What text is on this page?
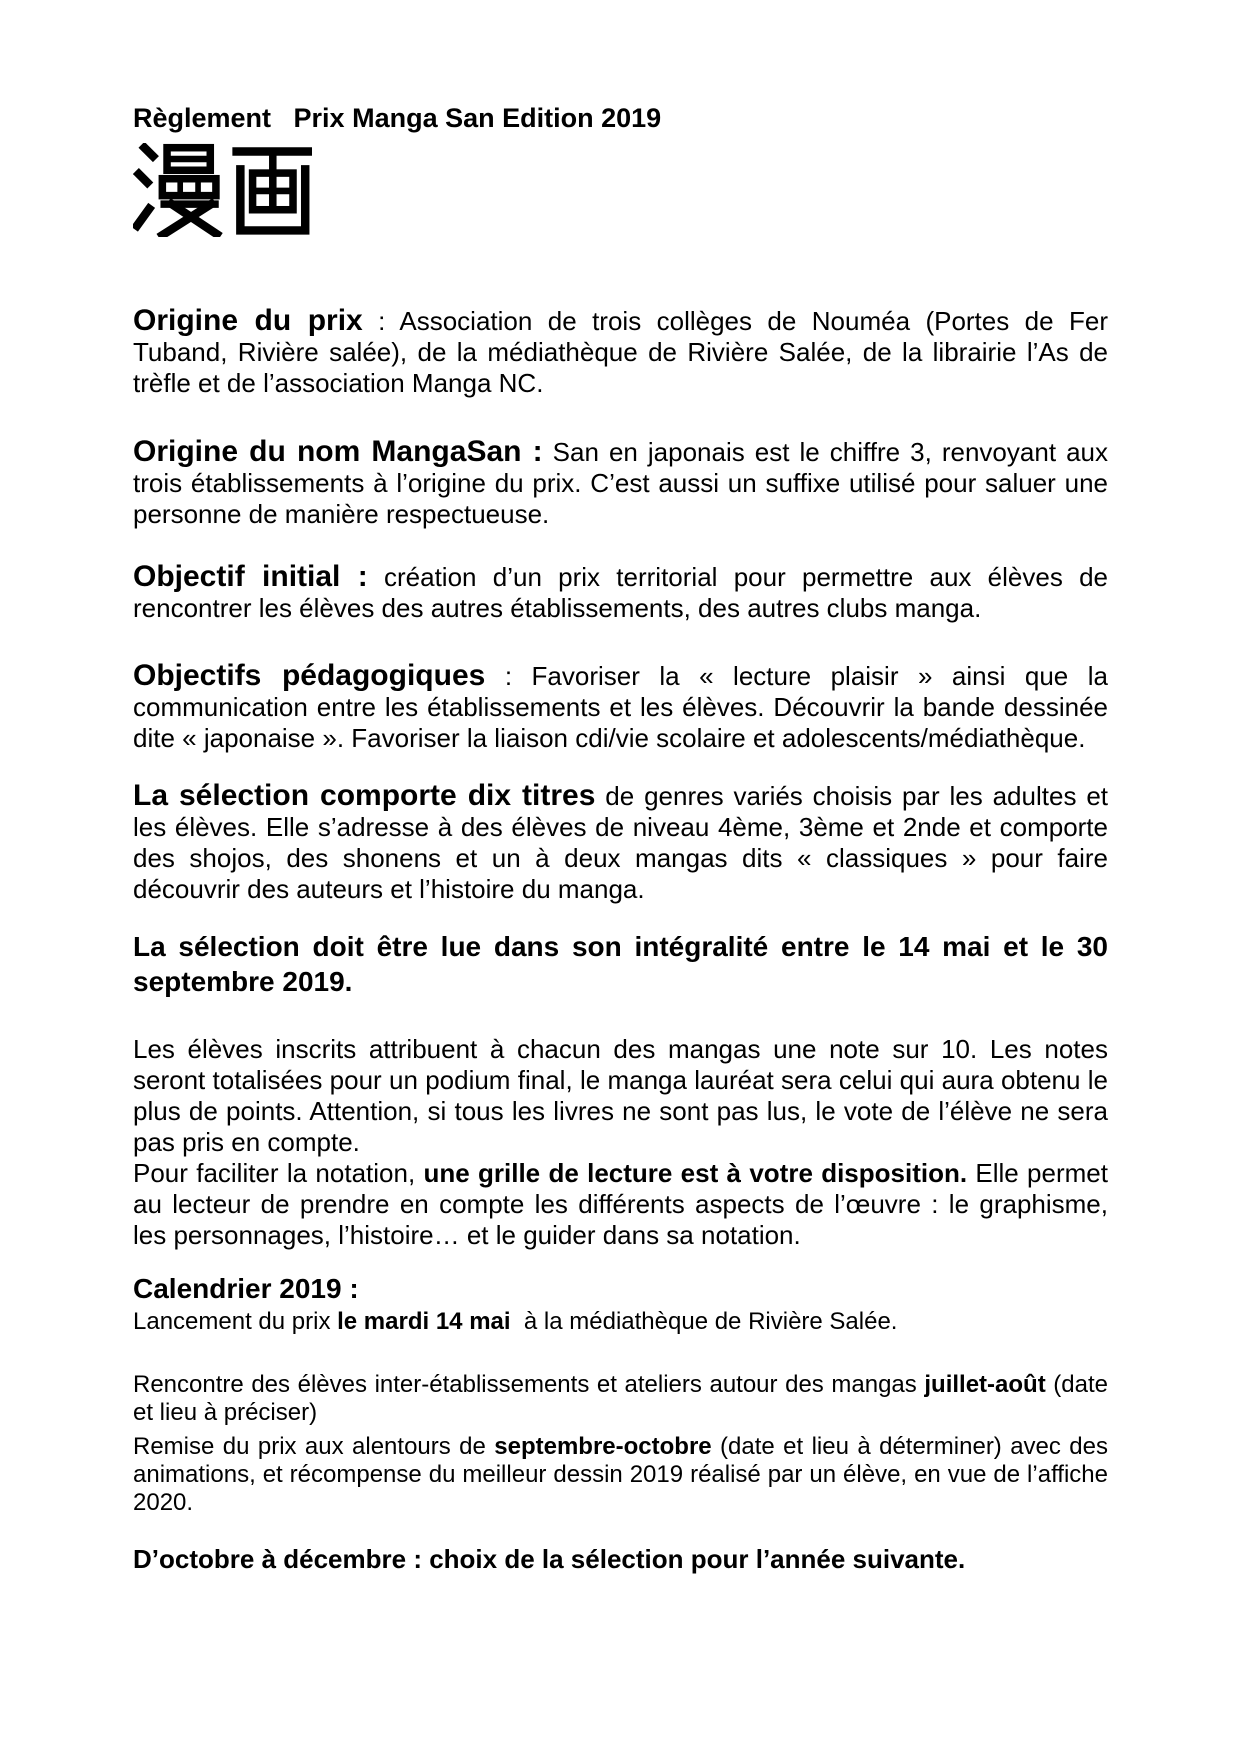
Règlement   Prix Manga San Edition 2019

Origine du prix : Association de trois collèges de Nouméa (Portes de Fer Tuband, Rivière salée), de la médiathèque de Rivière Salée, de la librairie l’As de trèfle et de l’association Manga NC.

Origine du nom MangaSan : San en japonais est le chiffre 3, renvoyant aux trois établissements à l’origine du prix. C’est aussi un suffixe utilisé pour saluer une personne de manière respectueuse.

Objectif initial : création d’un prix territorial pour permettre aux élèves de rencontrer les élèves des autres établissements, des autres clubs manga.

Objectifs pédagogiques : Favoriser la « lecture plaisir » ainsi que la communication entre les établissements et les élèves. Découvrir la bande dessinée dite « japonaise ». Favoriser la liaison cdi/vie scolaire et adolescents/médiathèque.

La sélection comporte dix titres de genres variés choisis par les adultes et les élèves. Elle s’adresse à des élèves de niveau 4ème, 3ème et 2nde et comporte des shojos, des shonens et un à deux mangas dits « classiques » pour faire découvrir des auteurs et l’histoire du manga.

La sélection doit être lue dans son intégralité entre le 14 mai et le 30 septembre 2019.

Les élèves inscrits attribuent à chacun des mangas une note sur 10. Les notes seront totalisées pour un podium final, le manga lauréat sera celui qui aura obtenu le plus de points. Attention, si tous les livres ne sont pas lus, le vote de l’élève ne sera pas pris en compte.

Pour faciliter la notation, une grille de lecture est à votre disposition. Elle permet au lecteur de prendre en compte les différents aspects de l’œuvre : le graphisme, les personnages, l’histoire… et le guider dans sa notation.

Calendrier 2019 :

Lancement du prix le mardi 14 mai  à la médiathèque de Rivière Salée.

Rencontre des élèves inter-établissements et ateliers autour des mangas juillet-août (date et lieu à préciser)

Remise du prix aux alentours de septembre-octobre (date et lieu à déterminer) avec des animations, et récompense du meilleur dessin 2019 réalisé par un élève, en vue de l’affiche 2020.

D’octobre à décembre : choix de la sélection pour l’année suivante.
